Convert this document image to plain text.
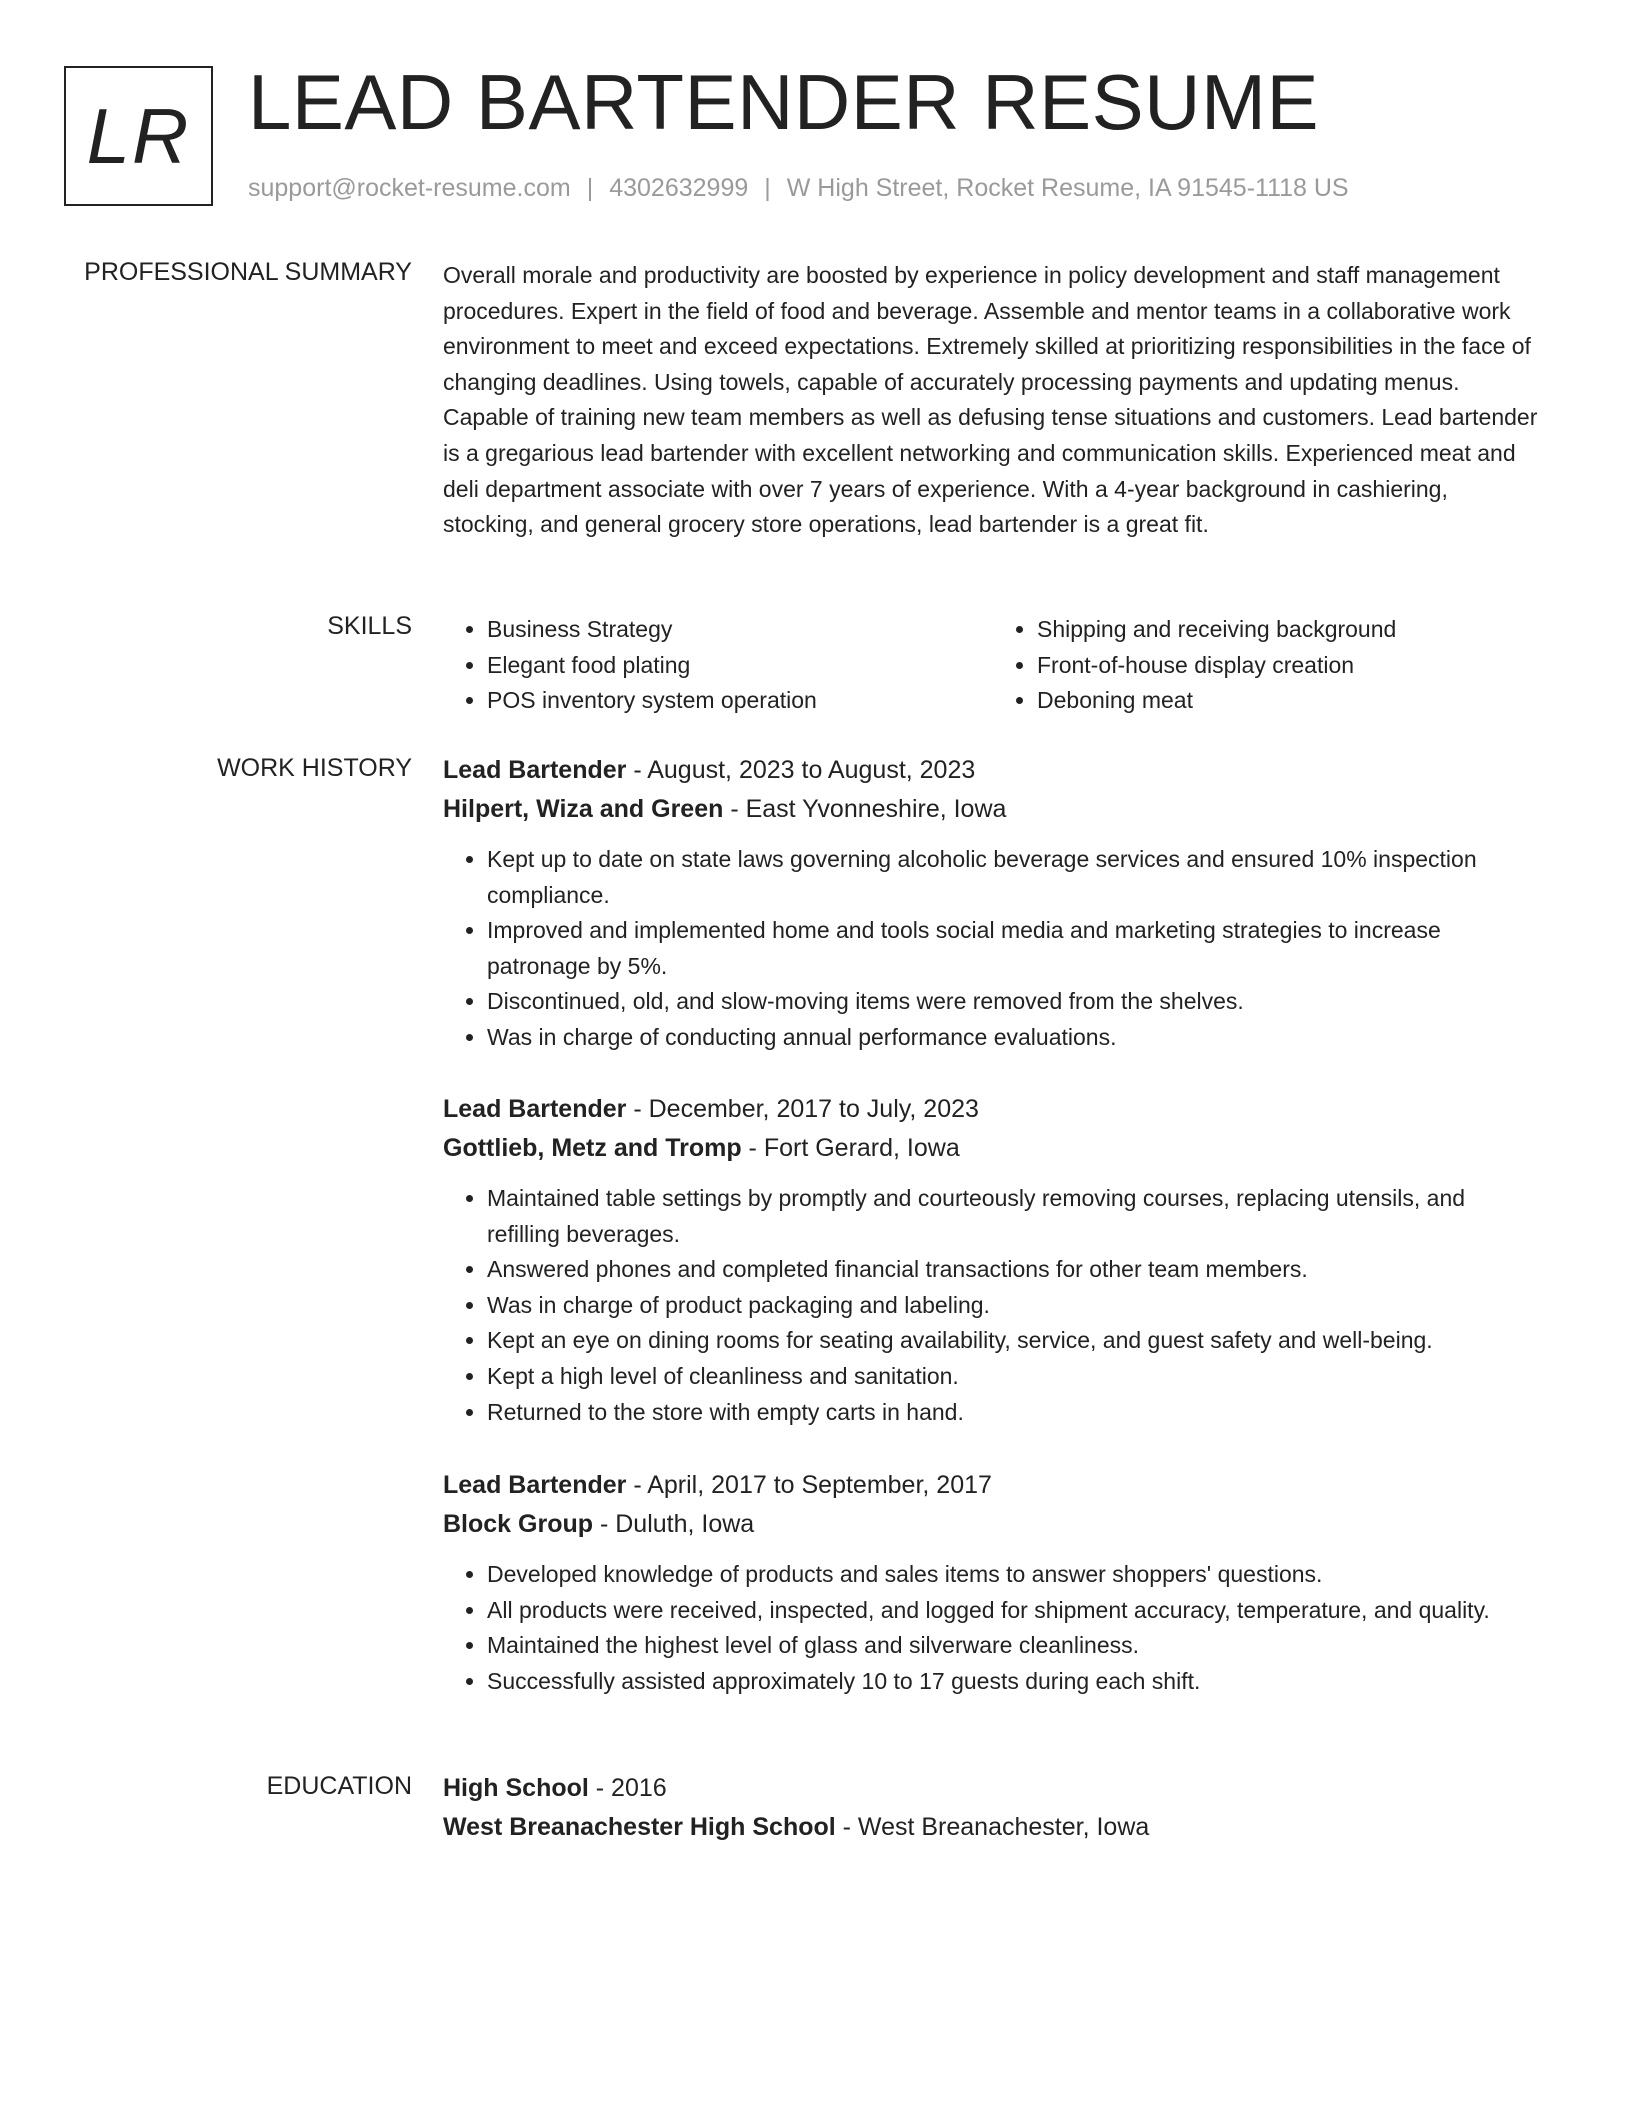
LR LEAD BARTENDER RESUME
support@rocket-resume.com | 4302632999 | W High Street, Rocket Resume, IA 91545-1118 US
PROFESSIONAL SUMMARY Overall morale and productivity are boosted by experience in policy development and staff management procedures. Expert in the field of food and beverage. Assemble and mentor teams in a collaborative work environment to meet and exceed expectations. Extremely skilled at prioritizing responsibilities in the face of changing deadlines. Using towels, capable of accurately processing payments and updating menus. Capable of training new team members as well as defusing tense situations and customers. Lead bartender is a gregarious lead bartender with excellent networking and communication skills. Experienced meat and deli department associate with over 7 years of experience. With a 4-year background in cashiering, stocking, and general grocery store operations, lead bartender is a great fit.

SKILLS
•	Business Strategy
• Elegant food plating
• POS inventory system operation
• Shipping and receiving background
• Front-of-house display creation
• Deboning meat
WORK HISTORY Lead Bartender - August, 2023 to August, 2023

Hilpert, Wiza and Green - East Yvonneshire, Iowa

• Kept up to date on state laws governing alcoholic beverage services and ensured 10% inspection compliance.
• Improved and implemented home and tools social media and marketing strategies to increase patronage by 5%.
• Discontinued, old, and slow-moving items were removed from the shelves.
• Was in charge of conducting annual performance evaluations.

Lead Bartender - December, 2017 to July, 2023

Gottlieb, Metz and Tromp - Fort Gerard, Iowa

• Maintained table settings by promptly and courteously removing courses, replacing utensils, and refilling beverages.
• Answered phones and completed financial transactions for other team members.
• Was in charge of product packaging and labeling.
• Kept an eye on dining rooms for seating availability, service, and guest safety and well-being.
• Kept a high level of cleanliness and sanitation.
• Returned to the store with empty carts in hand.

Lead Bartender - April, 2017 to September, 2017

Block Group - Duluth, Iowa

• Developed knowledge of products and sales items to answer shoppers' questions.
• All products were received, inspected, and logged for shipment accuracy, temperature, and quality.
• Maintained the highest level of glass and silverware cleanliness.
• Successfully assisted approximately 10 to 17 guests during each shift.
EDUCATION High School - 2016

West Breanachester High School - West Breanachester, Iowa
